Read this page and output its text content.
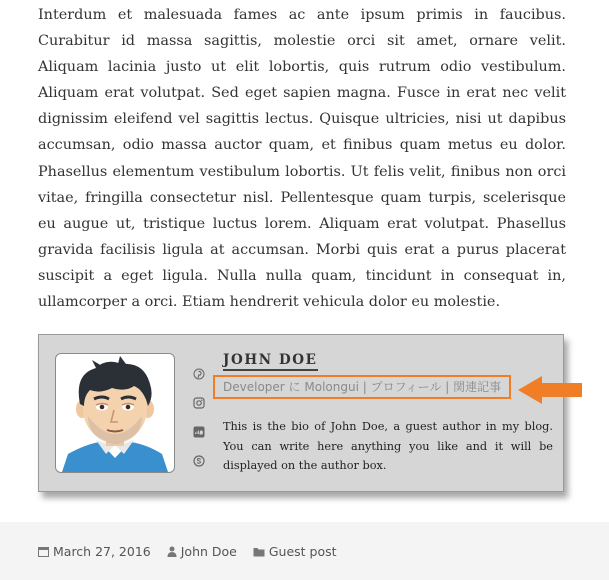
Interdum et malesuada fames ac ante ipsum primis in faucibus. Curabitur id massa sagittis, molestie orci sit amet, ornare velit. Aliquam lacinia justo ut elit lobortis, quis rutrum odio vestibulum. Aliquam erat volutpat. Sed eget sapien magna. Fusce in erat nec velit dignissim eleifend vel sagittis lectus. Quisque ultricies, nisi ut dapibus accumsan, odio massa auctor quam, et finibus quam metus eu dolor. Phasellus elementum vestibulum lobortis. Ut felis velit, finibus non orci vitae, fringilla consectetur nisl. Pellentesque quam turpis, scelerisque eu augue ut, tristique luctus lorem. Aliquam erat volutpat. Phasellus gravida facilisis ligula at accumsan. Morbi quis erat a purus placerat suscipit a eget ligula. Nulla nulla quam, tincidunt in consequat in, ullamcorper a orci. Etiam hendrerit vehicula dolor eu molestie.

JOHN DOE
Developer に Molongui | プロフィール | 関連記事

This is the bio of John Doe, a guest author in my blog. You can write here anything you like and it will be displayed on the author box.

March 27, 2016 John Doe	Guest post
